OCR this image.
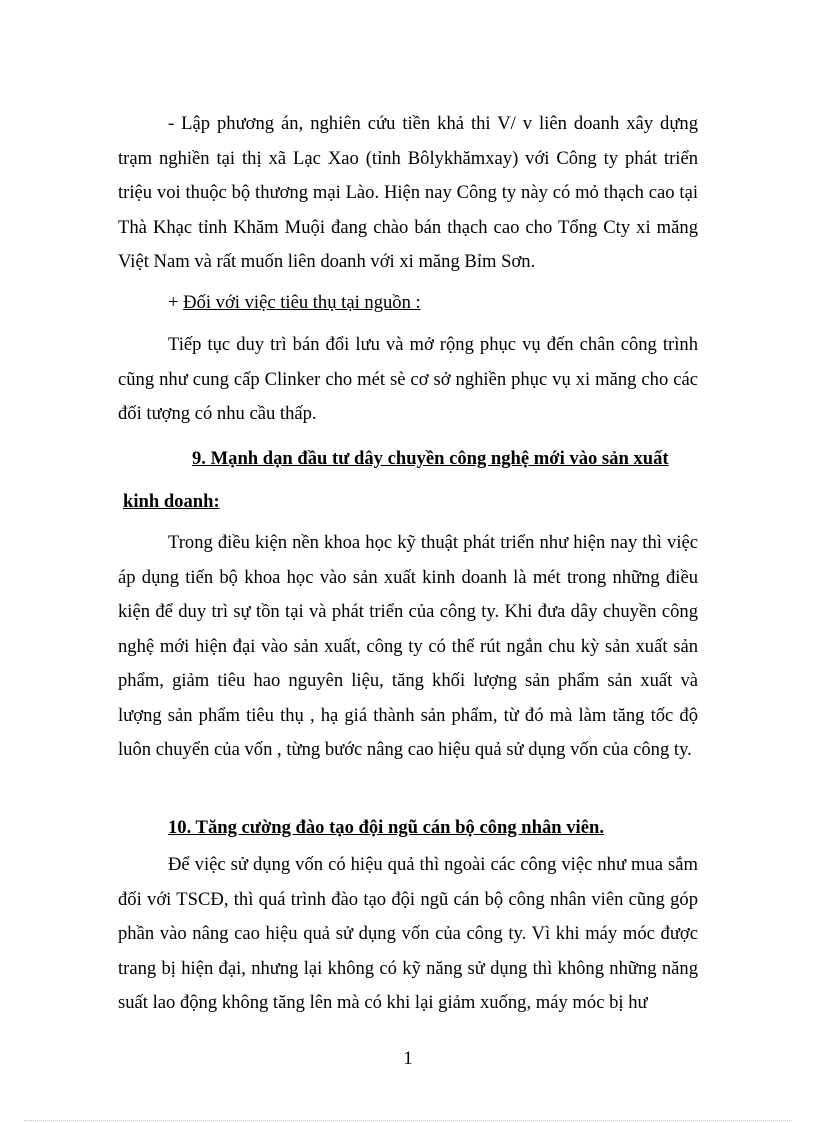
- Lập phương án, nghiên cứu tiền khả thi V/ v liên doanh xây dựng trạm nghiền tại thị xã Lạc Xao (tỉnh Bôlykhămxay) với Công ty phát triển triệu voi thuộc bộ thương mại Lào. Hiện nay Công ty này có mỏ thạch cao tại Thà Khạc tỉnh Khăm Muội đang chào bán thạch cao cho Tổng Cty xi măng Việt Nam và rất muốn liên doanh với xi măng Bỉm Sơn.

+ Đối với việc tiêu thụ tại nguồn :

Tiếp tục duy trì bán đổi lưu và mở rộng phục vụ đến chân công trình cũng như cung cấp Clinker cho mét sè cơ sở nghiền phục vụ xi măng cho các đối tượng có nhu cầu thấp.

9. Mạnh dạn đầu tư dây chuyền công nghệ mới vào sản xuất

kinh doanh:

Trong điều kiện nền khoa học kỹ thuật phát triển như hiện nay thì việc áp dụng tiến bộ khoa học vào sản xuất kinh doanh là mét trong những điều kiện để duy trì sự tồn tại và phát triển của công ty. Khi đưa dây chuyền công nghệ mới hiện đại vào sản xuất, công ty có thể rút ngắn chu kỳ sản xuất sản phẩm, giảm tiêu hao nguyên liệu, tăng khối lượng sản phẩm sản xuất và lượng sản phẩm tiêu thụ , hạ giá thành sản phẩm, từ đó mà làm tăng tốc độ luôn chuyển của vốn , từng bước nâng cao hiệu quả sử dụng vốn của công ty.

10. Tăng cường đào tạo đội ngũ cán bộ công nhân viên.

Để việc sử dụng vốn có hiệu quả thì ngoài các công việc như mua sắm đối với TSCĐ, thì quá trình đào tạo đội ngũ cán bộ công nhân viên cũng góp phần vào nâng cao hiệu quả sử dụng vốn của công ty. Vì khi máy móc được trang bị hiện đại, nhưng lại không có kỹ năng sử dụng thì không những năng suất lao động không tăng lên mà có khi lại giảm xuống, máy móc bị hư

1
